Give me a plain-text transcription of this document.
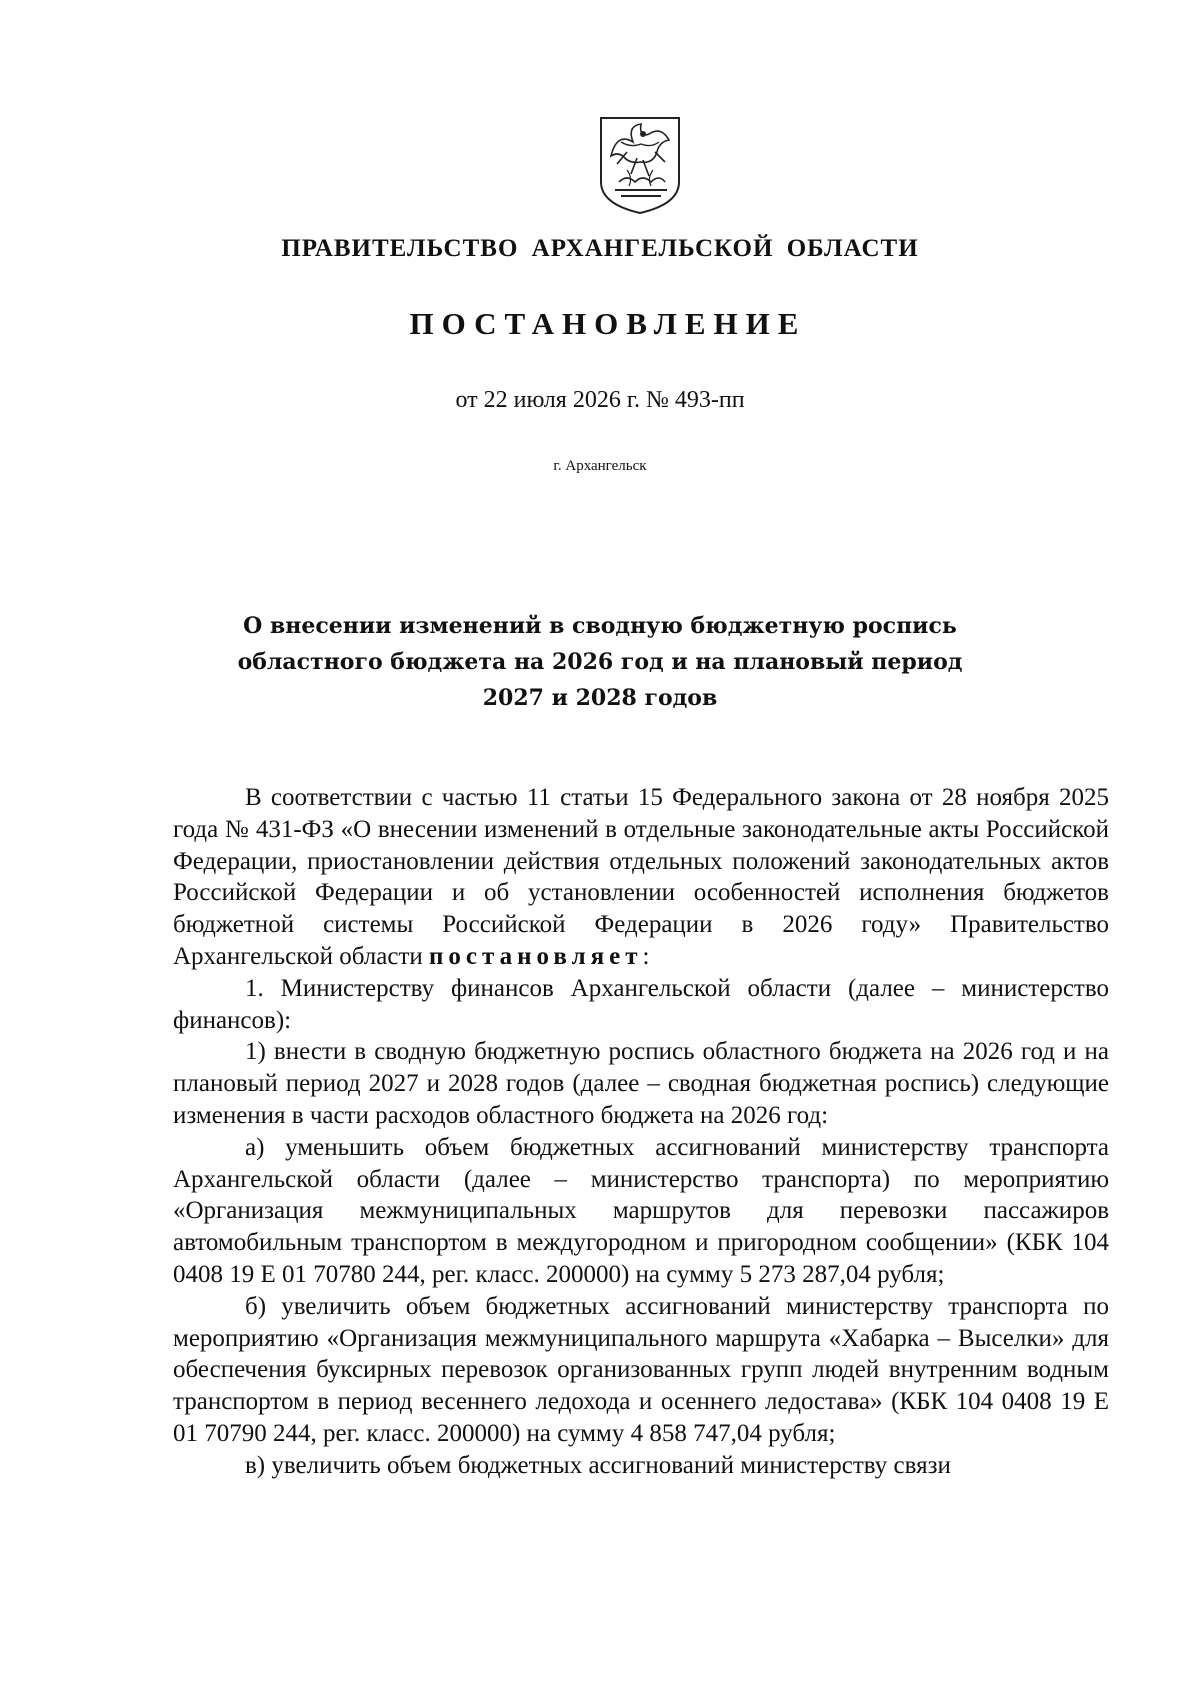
ПРАВИТЕЛЬСТВО АРХАНГЕЛЬСКОЙ ОБЛАСТИ
ПОСТАНОВЛЕНИЕ
от 22 июля 2026 г. № 493-пп
г. Архангельск
О внесении изменений в сводную бюджетную роспись
областного бюджета на 2026 год и на плановый период
2027 и 2028 годов

В соответствии с частью 11 статьи 15 Федерального закона от 28 ноября 2025 года № 431-ФЗ «О внесении изменений в отдельные законодательные акты Российской Федерации, приостановлении действия отдельных положений законодательных актов Российской Федерации и об установлении особенностей исполнения бюджетов бюджетной системы Российской Федерации в 2026 году» Правительство Архангельской области постановляет:

1. Министерству финансов Архангельской области (далее – министерство финансов):

1) внести в сводную бюджетную роспись областного бюджета на 2026 год и на плановый период 2027 и 2028 годов (далее – сводная бюджетная роспись) следующие изменения в части расходов областного бюджета на 2026 год:

а) уменьшить объем бюджетных ассигнований министерству транспорта Архангельской области (далее – министерство транспорта) по мероприятию «Организация межмуниципальных маршрутов для перевозки пассажиров автомобильным транспортом в междугородном и пригородном сообщении» (КБК 104 0408 19 Е 01 70780 244, рег. класс. 200000) на сумму 5 273 287,04 рубля;

б) увеличить объем бюджетных ассигнований министерству транспорта по мероприятию «Организация межмуниципального маршрута «Хабарка – Выселки» для обеспечения буксирных перевозок организованных групп людей внутренним водным транспортом в период весеннего ледохода и осеннего ледостава» (КБК 104 0408 19 Е 01 70790 244, рег. класс. 200000) на сумму 4 858 747,04 рубля;

в) увеличить объем бюджетных ассигнований министерству связи
